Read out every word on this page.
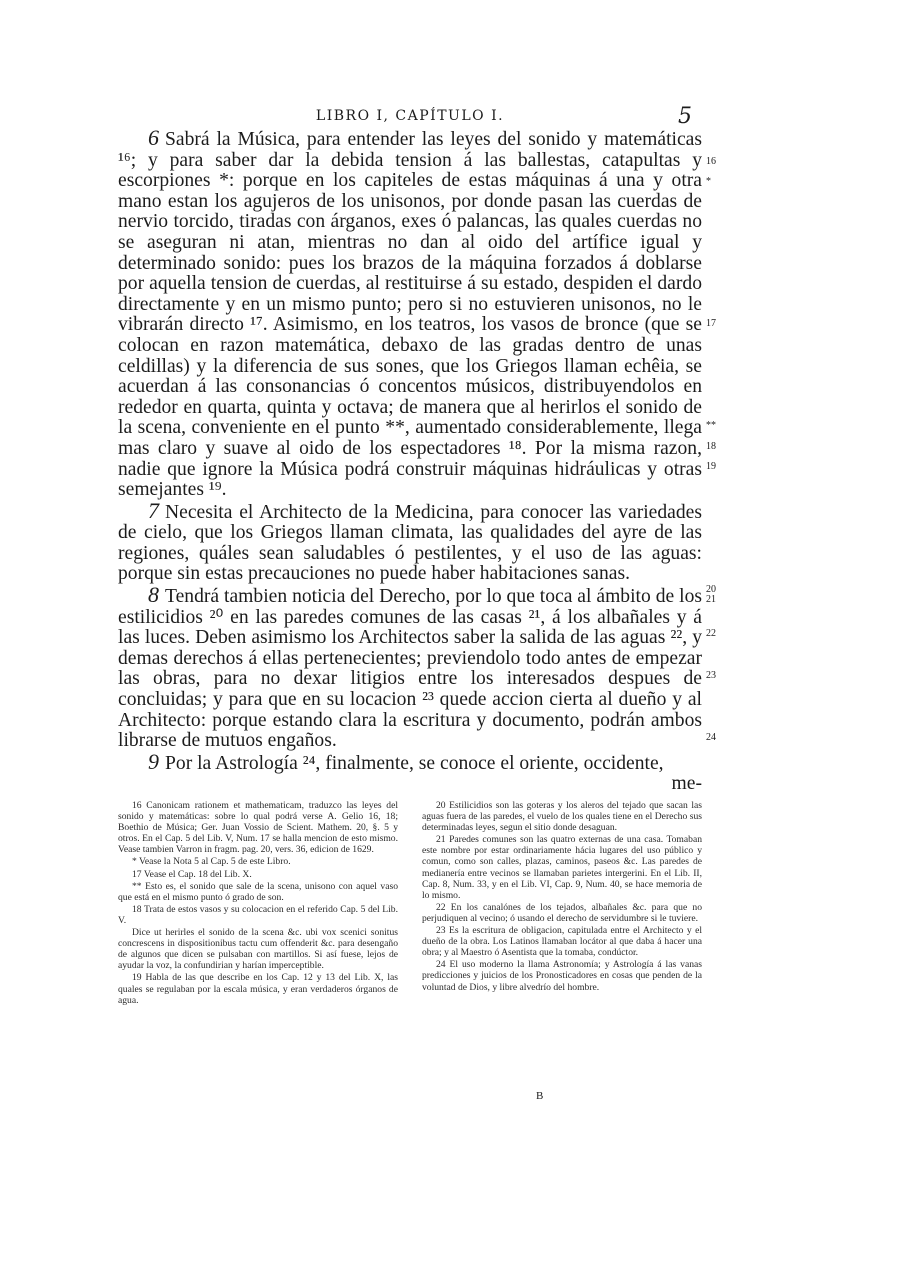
LIBRO I, CAPÍTULO I.	5

6 Sabrá la Música, para entender las leyes del sonido y matemáticas ¹⁶; y para saber dar la debida tension á las ballestas, catapultas y escorpiones *: porque en los capiteles de estas máquinas á una y otra mano estan los agujeros de los unisonos, por donde pasan las cuerdas de nervio torcido, tiradas con árganos, exes ó palancas, las quales cuerdas no se aseguran ni atan, mientras no dan al oido del artífice igual y determinado sonido: pues los brazos de la máquina forzados á doblarse por aquella tension de cuerdas, al restituirse á su estado, despiden el dardo directamente y en un mismo punto; pero si no estuvieren unisonos, no le vibrarán directo ¹⁷. Asimismo, en los teatros, los vasos de bronce (que se colocan en razon matemática, debaxo de las gradas dentro de unas celdillas) y la diferencia de sus sones, que los Griegos llaman echêia, se acuerdan á las consonancias ó concentos músicos, distribuyendolos en rededor en quarta, quinta y octava; de manera que al herirlos el sonido de la scena, conveniente en el punto **, aumentado considerablemente, llega mas claro y suave al oido de los espectadores ¹⁸. Por la misma razon, nadie que ignore la Música podrá construir máquinas hidráulicas y otras semejantes ¹⁹.

7 Necesita el Architecto de la Medicina, para conocer las variedades de cielo, que los Griegos llaman climata, las qualidades del ayre de las regiones, quáles sean saludables ó pestilentes, y el uso de las aguas: porque sin estas precauciones no puede haber habitaciones sanas.

8 Tendrá tambien noticia del Derecho, por lo que toca al ámbito de los estilicidios ²⁰ en las paredes comunes de las casas ²¹, á los albañales y á las luces. Deben asimismo los Architectos saber la salida de las aguas ²², y demas derechos á ellas pertenecientes; previendolo todo antes de empezar las obras, para no dexar litigios entre los interesados despues de concluidas; y para que en su locacion ²³ quede accion cierta al dueño y al Architecto: porque estando clara la escritura y documento, podrán ambos librarse de mutuos engaños.

9 Por la Astrología ²⁴, finalmente, se conoce el oriente, occidente,

me-
16
*
17
**
18
19
20
21
22
23
24

16 Canonicam rationem et mathematicam, traduzco las leyes del sonido y matemáticas: sobre lo qual podrá verse A. Gelio 16, 18; Boethio de Música; Ger. Juan Vossio de Scient. Mathem. 20, §. 5 y otros. En el Cap. 5 del Lib. V, Num. 17 se halla mencion de esto mismo. Vease tambien Varron in fragm. pag. 20, vers. 36, edicion de 1629.

* Vease la Nota 5 al Cap. 5 de este Libro.

17 Vease el Cap. 18 del Lib. X.

** Esto es, el sonido que sale de la scena, unisono con aquel vaso que está en el mismo punto ó grado de son.

18 Trata de estos vasos y su colocacion en el referido Cap. 5 del Lib. V.

Dice ut herirles el sonido de la scena &c. ubi vox scenici sonitus concrescens in dispositionibus tactu cum offenderit &c. para desengaño de algunos que dicen se pulsaban con martillos. Si así fuese, lejos de ayudar la voz, la confundirian y harían imperceptible.

19 Habla de las que describe en los Cap. 12 y 13 del Lib. X, las quales se regulaban por la escala música, y eran verdaderos órganos de agua.

20 Estilicidios son las goteras y los aleros del tejado que sacan las aguas fuera de las paredes, el vuelo de los quales tiene en el Derecho sus determinadas leyes, segun el sitio donde desaguan.

21 Paredes comunes son las quatro externas de una casa. Tomaban este nombre por estar ordinariamente hácia lugares del uso público y comun, como son calles, plazas, caminos, paseos &c. Las paredes de medianería entre vecinos se llamaban parietes intergerini. En el Lib. II, Cap. 8, Num. 33, y en el Lib. VI, Cap. 9, Num. 40, se hace memoria de lo mismo.

22 En los canalónes de los tejados, albañales &c. para que no perjudiquen al vecino; ó usando el derecho de servidumbre si le tuviere.

23 Es la escritura de obligacion, capitulada entre el Architecto y el dueño de la obra. Los Latinos llamaban locátor al que daba á hacer una obra; y al Maestro ó Asentista que la tomaba, condúctor.

24 El uso moderno la llama Astronomía; y Astrología á las vanas predicciones y juicios de los Pronosticadores en cosas que penden de la voluntad de Dios, y libre alvedrío del hombre.

B
